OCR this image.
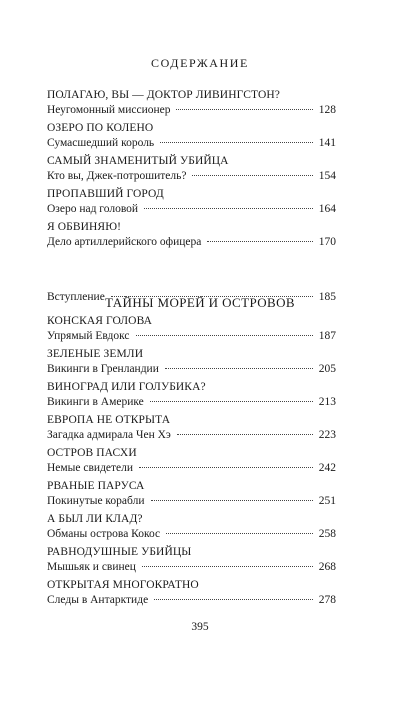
СОДЕРЖАНИЕ
ПОЛАГАЮ, ВЫ — ДОКТОР ЛИВИНГСТОН?
Неугомонный миссионер	128
ОЗЕРО ПО КОЛЕНО
Сумасшедший король	141
САМЫЙ ЗНАМЕНИТЫЙ УБИЙЦА
Кто вы, Джек-потрошитель?	154
ПРОПАВШИЙ ГОРОД
Озеро над головой	164
Я ОБВИНЯЮ!
Дело артиллерийского офицера	170
ТАЙНЫ МОРЕЙ И ОСТРОВОВ
Вступление	185
КОНСКАЯ ГОЛОВА
Упрямый Евдокс	187
ЗЕЛЕНЫЕ ЗЕМЛИ
Викинги в Гренландии	205
ВИНОГРАД ИЛИ ГОЛУБИКА?
Викинги в Америке	213
ЕВРОПА НЕ ОТКРЫТА
Загадка адмирала Чен Хэ	223
ОСТРОВ ПАСХИ
Немые свидетели	242
РВАНЫЕ ПАРУСА
Покинутые корабли	251
А БЫЛ ЛИ КЛАД?
Обманы острова Кокос	258
РАВНОДУШНЫЕ УБИЙЦЫ
Мышьяк и свинец	268
ОТКРЫТАЯ МНОГОКРАТНО
Следы в Антарктиде	278
395
